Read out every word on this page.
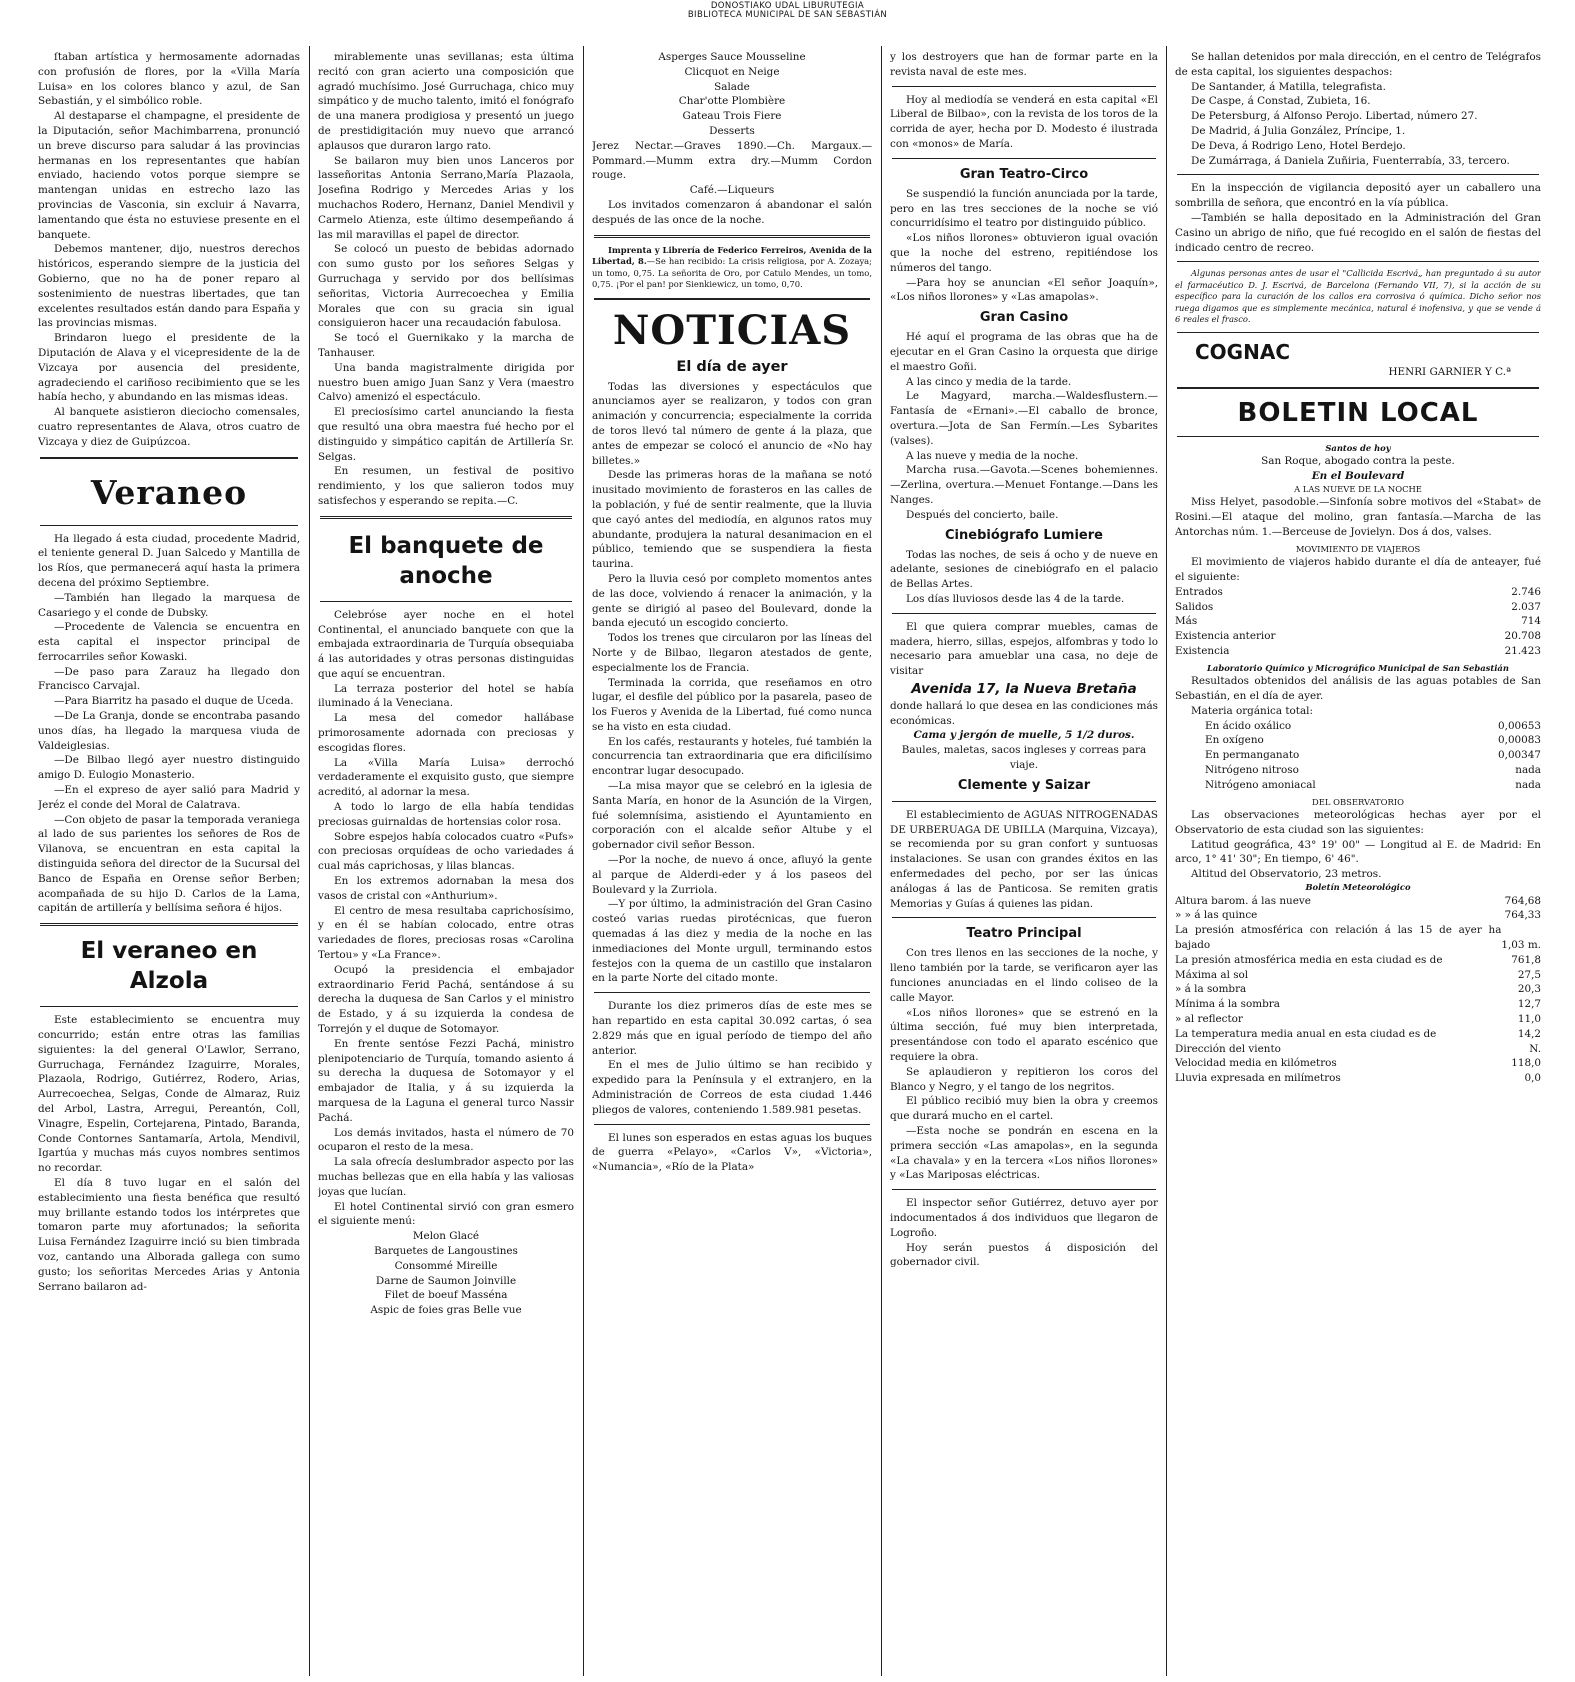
DONOSTIAKO UDAL LIBURUTEGIA
BIBLIOTECA MUNICIPAL DE SAN SEBASTIÁN

ſtaban artística y hermosamente adornadas con profusión de flores, por la «Villa María Luisa» en los colores blanco y azul, de San Sebastián, y el simbólico roble.

Al destaparse el champagne, el presidente de la Diputación, señor Machimbarrena, pronunció un breve discurso para saludar á las provincias hermanas en los representantes que habían enviado, haciendo votos porque siempre se mantengan unidas en estrecho lazo las provincias de Vasconia, sin excluir á Navarra, lamentando que ésta no estuviese presente en el banquete.

Debemos mantener, dijo, nuestros derechos históricos, esperando siempre de la justicia del Gobierno, que no ha de poner reparo al sostenimiento de nuestras libertades, que tan excelentes resultados están dando para España y las provincias mismas.

Brindaron luego el presidente de la Diputación de Alava y el vicepresidente de la de Vizcaya por ausencia del presidente, agradeciendo el cariñoso recibimiento que se les había hecho, y abundando en las mismas ideas.

Al banquete asistieron dieciocho comensales, cuatro representantes de Alava, otros cuatro de Vizcaya y diez de Guipúzcoa.

Veraneo

Ha llegado á esta ciudad, procedente Madrid, el teniente general D. Juan Salcedo y Mantilla de los Ríos, que permanecerá aquí hasta la primera decena del próximo Septiembre.

—También han llegado la marquesa de Casariego y el conde de Dubsky.

—Procedente de Valencia se encuentra en esta capital el inspector principal de ferrocarriles señor Kowaski.

—De paso para Zarauz ha llegado don Francisco Carvajal.

—Para Biarritz ha pasado el duque de Uceda.

—De La Granja, donde se encontraba pasando unos días, ha llegado la marquesa viuda de Valdeiglesias.

—De Bilbao llegó ayer nuestro distinguido amigo D. Eulogio Monasterio.

—En el expreso de ayer salió para Madrid y Jeréz el conde del Moral de Calatrava.

—Con objeto de pasar la temporada veraniega al lado de sus parientes los señores de Ros de Vilanova, se encuentran en esta capital la distinguida señora del director de la Sucursal del Banco de España en Orense señor Berben; acompañada de su hijo D. Carlos de la Lama, capitán de artillería y bellísima señora é hijos.

El veraneo en Alzola

Este establecimiento se encuentra muy concurrido; están entre otras las familias siguientes: la del general O'Lawlor, Serrano, Gurruchaga, Fernández Izaguirre, Morales, Plazaola, Rodrigo, Gutiérrez, Rodero, Arias, Aurrecoechea, Selgas, Conde de Almaraz, Ruiz del Arbol, Lastra, Arregui, Pereantón, Coll, Vinagre, Espelin, Cortejarena, Pintado, Baranda, Conde Contornes Santamaría, Artola, Mendivil, Igartúa y muchas más cuyos nombres sentimos no recordar.

El día 8 tuvo lugar en el salón del establecimiento una fiesta benéfica que resultó muy brillante estando todos los intérpretes que tomaron parte muy afortunados; la señorita Luisa Fernández Izaguirre inció su bien timbrada voz, cantando una Alborada gallega con sumo gusto; los señoritas Mercedes Arias y Antonia Serrano bailaron ad-

mirablemente unas sevillanas; esta última recitó con gran acierto una composición que agradó muchísimo. José Gurruchaga, chico muy simpático y de mucho talento, imitó el fonógrafo de una manera prodigiosa y presentó un juego de prestidigitación muy nuevo que arrancó aplausos que duraron largo rato.

Se bailaron muy bien unos Lanceros por lasseñoritas Antonia Serrano,María Plazaola, Josefina Rodrigo y Mercedes Arias y los muchachos Rodero, Hernanz, Daniel Mendivil y Carmelo Atienza, este último desempeñando á las mil maravillas el papel de director.

Se colocó un puesto de bebidas adornado con sumo gusto por los señores Selgas y Gurruchaga y servido por dos bellísimas señoritas, Victoria Aurrecoechea y Emilia Morales que con su gracia sin igual consiguieron hacer una recaudación fabulosa.

Se tocó el Guernikako y la marcha de Tanhauser.

Una banda magistralmente dirigida por nuestro buen amigo Juan Sanz y Vera (maestro Calvo) amenizó el espectáculo.

El preciosísimo cartel anunciando la fiesta que resultó una obra maestra fué hecho por el distinguido y simpático capitán de Artillería Sr. Selgas.

En resumen, un festival de positivo rendimiento, y los que salieron todos muy satisfechos y esperando se repita.—C.

El banquete de anoche

Celebróse ayer noche en el hotel Continental, el anunciado banquete con que la embajada extraordinaria de Turquía obsequiaba á las autoridades y otras personas distinguidas que aquí se encuentran.

La terraza posterior del hotel se había iluminado á la Veneciana.

La mesa del comedor hallábase primorosamente adornada con preciosas y escogidas flores.

La «Villa María Luisa» derrochó verdaderamente el exquisito gusto, que siempre acreditó, al adornar la mesa.

A todo lo largo de ella había tendidas preciosas guirnaldas de hortensias color rosa.

Sobre espejos había colocados cuatro «Pufs» con preciosas orquídeas de ocho variedades á cual más caprichosas, y lilas blancas.

En los extremos adornaban la mesa dos vasos de cristal con «Anthurium».

El centro de mesa resultaba caprichosísimo, y en él se habían colocado, entre otras variedades de flores, preciosas rosas «Carolina Tertou» y «La France».

Ocupó la presidencia el embajador extraordinario Ferid Pachá, sentándose á su derecha la duquesa de San Carlos y el ministro de Estado, y á su izquierda la condesa de Torrejón y el duque de Sotomayor.

En frente sentóse Fezzi Pachá, ministro plenipotenciario de Turquía, tomando asiento á su derecha la duquesa de Sotomayor y el embajador de Italia, y á su izquierda la marquesa de la Laguna el general turco Nassir Pachá.

Los demás invitados, hasta el número de 70 ocuparon el resto de la mesa.

La sala ofrecía deslumbrador aspecto por las muchas bellezas que en ella había y las valiosas joyas que lucían.

El hotel Continental sirvió con gran esmero el siguiente menú:

Melon Glacé

Barquetes de Langoustines

Consommé Mireille

Darne de Saumon Joinville

Filet de boeuf Masséna

Aspic de foies gras Belle vue

Asperges Sauce Mousseline

Clicquot en Neige

Salade

Char'otte Plombière

Gateau Trois Fiere

Desserts

Jerez Nectar.—Graves 1890.—Ch. Margaux.—Pommard.—Mumm extra dry.—Mumm Cordon rouge.

Café.—Liqueurs

Los invitados comenzaron á abandonar el salón después de las once de la noche.

Imprenta y Librería de Federico Ferreiros, Avenida de la Libertad, 8.—Se han recibido: La crisis religiosa, por A. Zozaya; un tomo, 0,75. La señorita de Oro, por Catulo Mendes, un tomo, 0,75. ¡Por el pan! por Sienkiewicz, un tomo, 0,70.

NOTICIAS
El día de ayer

Todas las diversiones y espectáculos que anunciamos ayer se realizaron, y todos con gran animación y concurrencia; especialmente la corrida de toros llevó tal número de gente á la plaza, que antes de empezar se colocó el anuncio de «No hay billetes.»

Desde las primeras horas de la mañana se notó inusitado movimiento de forasteros en las calles de la población, y fué de sentir realmente, que la lluvia que cayó antes del mediodía, en algunos ratos muy abundante, produjera la natural desanimacion en el público, temiendo que se suspendiera la fiesta taurina.

Pero la lluvia cesó por completo momentos antes de las doce, volviendo á renacer la animación, y la gente se dirigió al paseo del Boulevard, donde la banda ejecutó un escogido concierto.

Todos los trenes que circularon por las líneas del Norte y de Bilbao, llegaron atestados de gente, especialmente los de Francia.

Terminada la corrida, que reseñamos en otro lugar, el desfile del público por la pasarela, paseo de los Fueros y Avenida de la Libertad, fué como nunca se ha visto en esta ciudad.

En los cafés, restaurants y hoteles, fué también la concurrencia tan extraordinaria que era dificilísimo encontrar lugar desocupado.

—La misa mayor que se celebró en la iglesia de Santa María, en honor de la Asunción de la Virgen, fué solemnísima, asistiendo el Ayuntamiento en corporación con el alcalde señor Altube y el gobernador civil señor Besson.

—Por la noche, de nuevo á once, afluyó la gente al parque de Alderdi-eder y á los paseos del Boulevard y la Zurriola.

—Y por último, la administración del Gran Casino costeó varias ruedas pirotécnicas, que fueron quemadas á las diez y media de la noche en las inmediaciones del Monte urgull, terminando estos festejos con la quema de un castillo que instalaron en la parte Norte del citado monte.

Durante los diez primeros días de este mes se han repartido en esta capital 30.092 cartas, ó sea 2.829 más que en igual período de tiempo del año anterior.

En el mes de Julio último se han recibido y expedido para la Península y el extranjero, en la Administración de Correos de esta ciudad 1.446 pliegos de valores, conteniendo 1.589.981 pesetas.

El lunes son esperados en estas aguas los buques de guerra «Pelayo», «Carlos V», «Victoria», «Numancia», «Río de la Plata»

y los destroyers que han de formar parte en la revista naval de este mes.

Hoy al mediodía se venderá en esta capital «El Liberal de Bilbao», con la revista de los toros de la corrida de ayer, hecha por D. Modesto é ilustrada con «monos» de María.

Gran Teatro-Circo

Se suspendió la función anunciada por la tarde, pero en las tres secciones de la noche se vió concurridísimo el teatro por distinguido público.

«Los niños llorones» obtuvieron igual ovación que la noche del estreno, repitiéndose los números del tango.

—Para hoy se anuncian «El señor Joaquín», «Los niños llorones» y «Las amapolas».

Gran Casino

Hé aquí el programa de las obras que ha de ejecutar en el Gran Casino la orquesta que dirige el maestro Goñi.

A las cinco y media de la tarde.

Le Magyard, marcha.—Waldesflustern.—Fantasía de «Ernani».—El caballo de bronce, overtura.—Jota de San Fermín.—Les Sybarites (valses).

A las nueve y media de la noche.

Marcha rusa.—Gavota.—Scenes bohemiennes.—Zerlina, overtura.—Menuet Fontange.—Dans les Nanges.

Después del concierto, baile.

Cinebiógrafo Lumiere

Todas las noches, de seis á ocho y de nueve en adelante, sesiones de cinebiógrafo en el palacio de Bellas Artes.

Los días lluviosos desde las 4 de la tarde.

El que quiera comprar muebles, camas de madera, hierro, sillas, espejos, alfombras y todo lo necesario para amueblar una casa, no deje de visitar

Avenida 17, la Nueva Bretaña

donde hallará lo que desea en las condiciones más económicas.

Cama y jergón de muelle, 5 1/2 duros.

Baules, maletas, sacos ingleses y correas para viaje.

Clemente y Saizar

El establecimiento de AGUAS NITROGENADAS DE URBERUAGA DE UBILLA (Marquina, Vizcaya), se recomienda por su gran confort y suntuosas instalaciones. Se usan con grandes éxitos en las enfermedades del pecho, por ser las únicas análogas á las de Panticosa. Se remiten gratis Memorias y Guías á quienes las pidan.

Teatro Principal

Con tres llenos en las secciones de la noche, y lleno también por la tarde, se verificaron ayer las funciones anunciadas en el lindo coliseo de la calle Mayor.

«Los niños llorones» que se estrenó en la última sección, fué muy bien interpretada, presentándose con todo el aparato escénico que requiere la obra.

Se aplaudieron y repitieron los coros del Blanco y Negro, y el tango de los negritos.

El público recibió muy bien la obra y creemos que durará mucho en el cartel.

—Esta noche se pondrán en escena en la primera sección «Las amapolas», en la segunda «La chavala» y en la tercera «Los niños llorones» y «Las Mariposas eléctricas.

El inspector señor Gutiérrez, detuvo ayer por indocumentados á dos individuos que llegaron de Logroño.

Hoy serán puestos á disposición del gobernador civil.

Se hallan detenidos por mala dirección, en el centro de Telégrafos de esta capital, los siguientes despachos:

De Santander, á Matilla, telegrafista.

De Caspe, á Constad, Zubieta, 16.

De Petersburg, á Alfonso Perojo. Libertad, número 27.

De Madrid, á Julia González, Príncipe, 1.

De Deva, á Rodrigo Leno, Hotel Berdejo.

De Zumárraga, á Daniela Zuñiria, Fuenterrabía, 33, tercero.

En la inspección de vigilancia depositó ayer un caballero una sombrilla de señora, que encontró en la vía pública.

—También se halla depositado en la Administración del Gran Casino un abrigo de niño, que fué recogido en el salón de fiestas del indicado centro de recreo.

Algunas personas antes de usar el "Callicida Escrivá„ han preguntado á su autor el farmacéutico D. J. Escrivá, de Barcelona (Fernando VII, 7), si la acción de su específico para la curación de los callos era corrosiva ó química. Dicho señor nos ruega digamos que es simplemente mecánica, natural é inofensiva, y que se vende á 6 reales el frasco.

COGNAC
HENRI GARNIER Y C.ª
BOLETIN LOCAL

Santos de hoy

San Roque, abogado contra la peste.

En el Boulevard

A LAS NUEVE DE LA NOCHE

Miss Helyet, pasodoble.—Sinfonía sobre motivos del «Stabat» de Rosini.—El ataque del molino, gran fantasía.—Marcha de las Antorchas núm. 1.—Berceuse de Jovielyn. Dos á dos, valses.

MOVIMIENTO DE VIAJEROS

El movimiento de viajeros habido durante el día de anteayer, fué el siguiente:

Entrados	2.746
Salidos	2.037
Más	714
Existencia anterior	20.708
Existencia	21.423

Laboratorio Químico y Micrográfico Municipal de San Sebastián

Resultados obtenidos del análisis de las aguas potables de San Sebastián, en el día de ayer.

Materia orgánica total:

En ácido oxálico	0,00653
En oxígeno	0,00083
En permanganato	0,00347
Nitrógeno nitroso	nada
Nitrógeno amoniacal	nada

DEL OBSERVATORIO

Las observaciones meteorológicas hechas ayer por el Observatorio de esta ciudad son las siguientes:

Latitud geográfica, 43° 19' 00" — Longitud al E. de Madrid: En arco, 1° 41' 30"; En tiempo, 6' 46".

Altitud del Observatorio, 23 metros.

Boletín Meteorológico

Altura barom. á las nueve	764,68
» » á las quince	764,33
La presión atmosférica con relación á las 15 de ayer ha bajado	1,03 m.
La presión atmosférica media en esta ciudad es de	761,8
Máxima al sol	27,5
» á la sombra	20,3
Mínima á la sombra	12,7
» al reflector	11,0
La temperatura media anual en esta ciudad es de	14,2
Dirección del viento	N.
Velocidad media en kilómetros	118,0
Lluvia expresada en milímetros	0,0
